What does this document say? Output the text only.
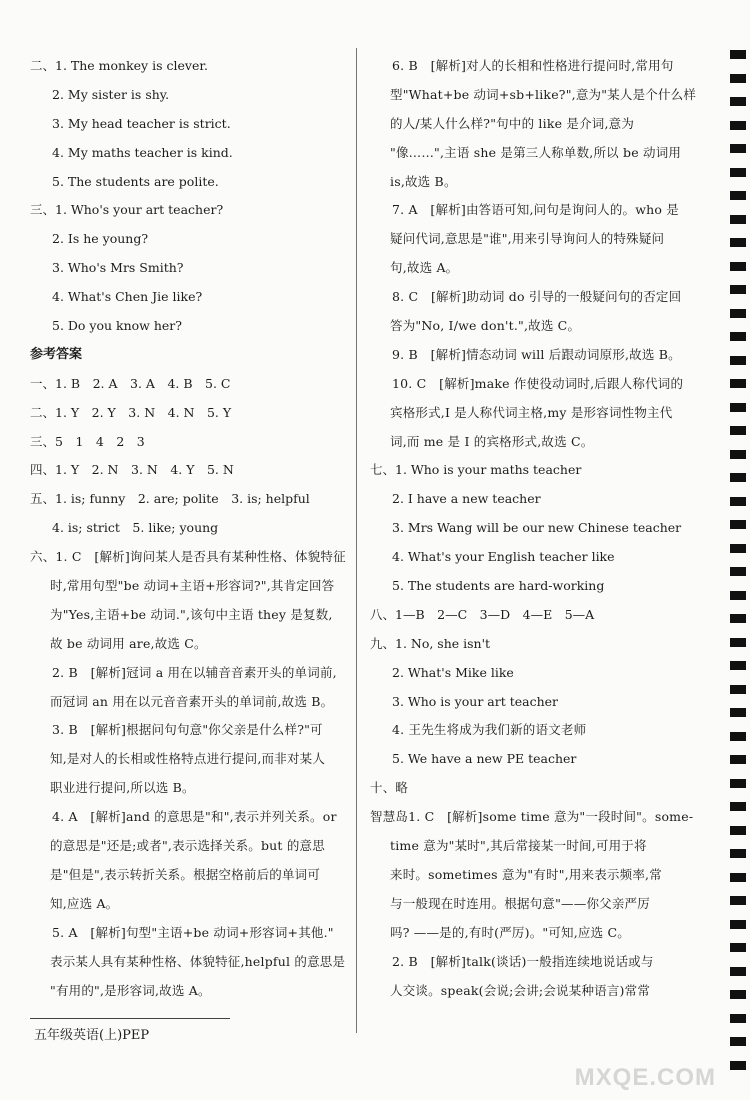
二、1. The monkey is clever.
2. My sister is shy.
3. My head teacher is strict.
4. My maths teacher is kind.
5. The students are polite.
三、1. Who's your art teacher?
2. Is he young?
3. Who's Mrs Smith?
4. What's Chen Jie like?
5. Do you know her?
参考答案
一、1. B　2. A　3. A　4. B　5. C
二、1. Y　2. Y　3. N　4. N　5. Y
三、5　1　4　2　3
四、1. Y　2. N　3. N　4. Y　5. N
五、1. is; funny　2. are; polite　3. is; helpful
4. is; strict　5. like; young
六、1. C　[解析]询问某人是否具有某种性格、体貌特征
时,常用句型"be 动词+主语+形容词?",其肯定回答
为"Yes,主语+be 动词.",该句中主语 they 是复数,
故 be 动词用 are,故选 C。
2. B　[解析]冠词 a 用在以辅音音素开头的单词前,
而冠词 an 用在以元音音素开头的单词前,故选 B。
3. B　[解析]根据问句句意"你父亲是什么样?"可
知,是对人的长相或性格特点进行提问,而非对某人
职业进行提问,所以选 B。
4. A　[解析]and 的意思是"和",表示并列关系。or
的意思是"还是;或者",表示选择关系。but 的意思
是"但是",表示转折关系。根据空格前后的单词可
知,应选 A。
5. A　[解析]句型"主语+be 动词+形容词+其他."
表示某人具有某种性格、体貌特征,helpful 的意思是
"有用的",是形容词,故选 A。
6. B　[解析]对人的长相和性格进行提问时,常用句
型"What+be 动词+sb+like?",意为"某人是个什么样
的人/某人什么样?"句中的 like 是介词,意为
"像……",主语 she 是第三人称单数,所以 be 动词用
is,故选 B。
7. A　[解析]由答语可知,问句是询问人的。who 是
疑问代词,意思是"谁",用来引导询问人的特殊疑问
句,故选 A。
8. C　[解析]助动词 do 引导的一般疑问句的否定回
答为"No, I/we don't.",故选 C。
9. B　[解析]情态动词 will 后跟动词原形,故选 B。
10. C　[解析]make 作使役动词时,后跟人称代词的
宾格形式,I 是人称代词主格,my 是形容词性物主代
词,而 me 是 I 的宾格形式,故选 C。
七、1. Who is your maths teacher
2. I have a new teacher
3. Mrs Wang will be our new Chinese teacher
4. What's your English teacher like
5. The students are hard-working
八、1—B　2—C　3—D　4—E　5—A
九、1. No, she isn't
2. What's Mike like
3. Who is your art teacher
4. 王先生将成为我们新的语文老师
5. We have a new PE teacher
十、略
智慧岛1. C　[解析]some time 意为"一段时间"。some-
time 意为"某时",其后常接某一时间,可用于将
来时。sometimes 意为"有时",用来表示频率,常
与一般现在时连用。根据句意"——你父亲严厉
吗? ——是的,有时(严厉)。"可知,应选 C。
2. B　[解析]talk(谈话)一般指连续地说话或与
人交谈。speak(会说;会讲;会说某种语言)常常
五年级英语(上)PEP
MXQE.COM
